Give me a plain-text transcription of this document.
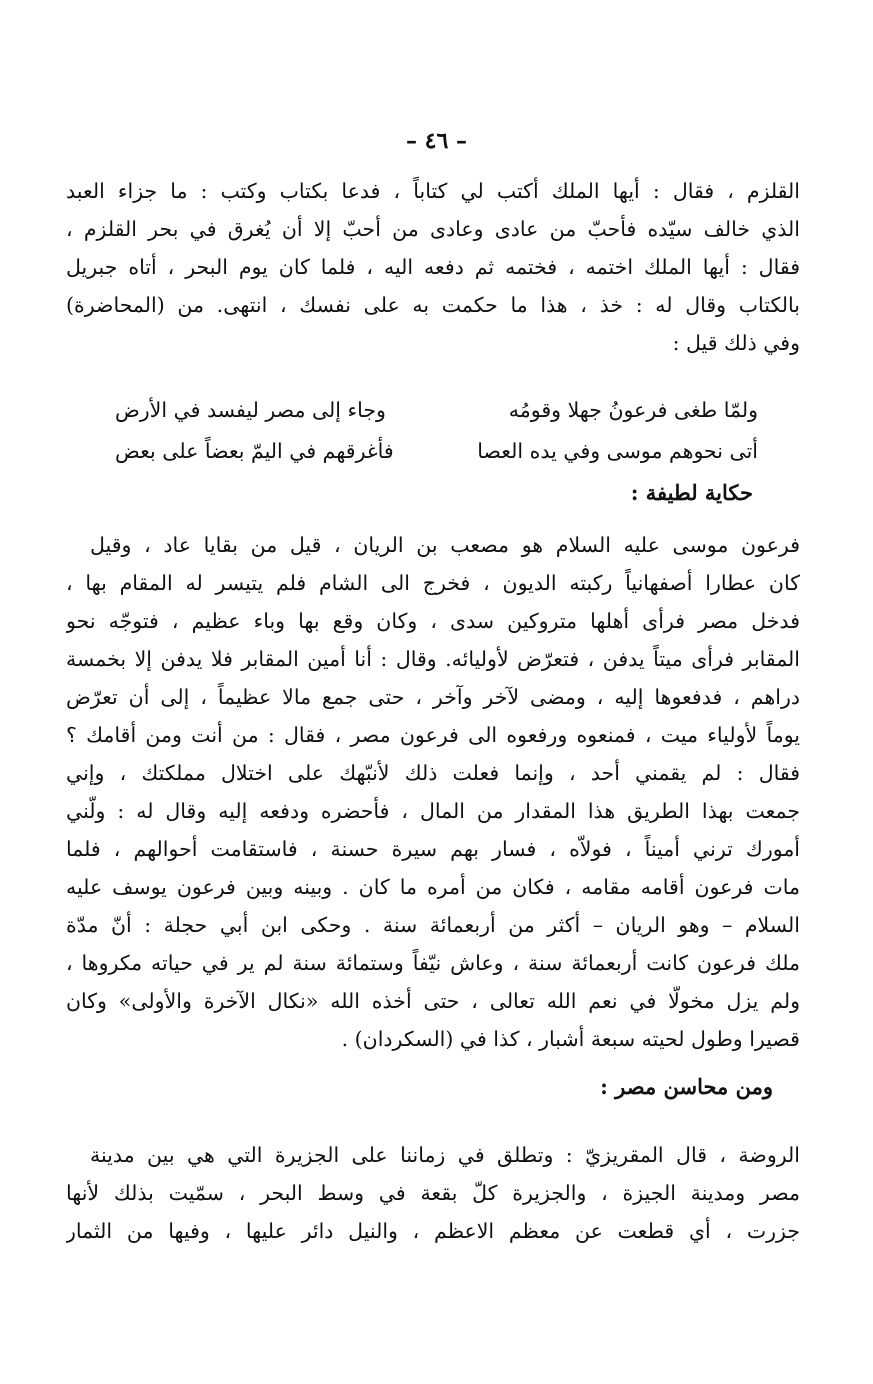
– ٤٦ –
القلزم ، فقال : أيها الملك أكتب لي كتاباً ، فدعا بكتاب وكتب : ما جزاء العبد
الذي خالف سيّده فأحبّ من عادى وعادى من أحبّ إلا أن يُغرق في بحر القلزم ،
فقال : أيها الملك اختمه ، فختمه ثم دفعه اليه ، فلما كان يوم البحر ، أتاه جبريل
بالكتاب وقال له : خذ ، هذا ما حكمت به على نفسك ، انتهى. من (المحاضرة)
وفي ذلك قيل :
ولمّا طغى فرعونُ جهلا وقومُه
وجاء إلى مصر ليفسد في الأرض
أتى نحوهم موسى وفي يده العصا
فأغرقهم في اليمّ بعضاً على بعض
حكاية لطيفة :
فرعون موسى عليه السلام هو مصعب بن الريان ، قيل من بقايا عاد ، وقيل
كان عطارا أصفهانياً ركبته الديون ، فخرج الى الشام فلم يتيسر له المقام بها ،
فدخل مصر فرأى أهلها متروكين سدى ، وكان وقع بها وباء عظيم ، فتوجّه نحو
المقابر فرأى ميتاً يدفن ، فتعرّض لأوليائه. وقال : أنا أمين المقابر فلا يدفن إلا بخمسة
دراهم ، فدفعوها إليه ، ومضى لآخر وآخر ، حتى جمع مالا عظيماً ، إلى أن تعرّض
يوماً لأولياء ميت ، فمنعوه ورفعوه الى فرعون مصر ، فقال : من أنت ومن أقامك ؟
فقال : لم يقمني أحد ، وإنما فعلت ذلك لأنبّهك على اختلال مملكتك ، وإني
جمعت بهذا الطريق هذا المقدار من المال ، فأحضره ودفعه إليه وقال له : ولّني
أمورك ترني أميناً ، فولاّه ، فسار بهم سيرة حسنة ، فاستقامت أحوالهم ، فلما
مات فرعون أقامه مقامه ، فكان من أمره ما كان . وبينه وبين فرعون يوسف عليه
السلام – وهو الريان – أكثر من أربعمائة سنة . وحكى ابن أبي حجلة : أنّ مدّة
ملك فرعون كانت أربعمائة سنة ، وعاش نيّفاً وستمائة سنة لم ير في حياته مكروها ،
ولم يزل مخولّا في نعم الله تعالى ، حتى أخذه الله «نكال الآخرة والأولى» وكان
قصيرا وطول لحيته سبعة أشبار ، كذا في (السكردان) .
ومن محاسن مصر :
الروضة ، قال المقريزيّ : وتطلق في زماننا على الجزيرة التي هي بين مدينة
مصر ومدينة الجيزة ، والجزيرة كلّ بقعة في وسط البحر ، سمّيت بذلك لأنها
جزرت ، أي قطعت عن معظم الاعظم ، والنيل دائر عليها ، وفيها من الثمار
